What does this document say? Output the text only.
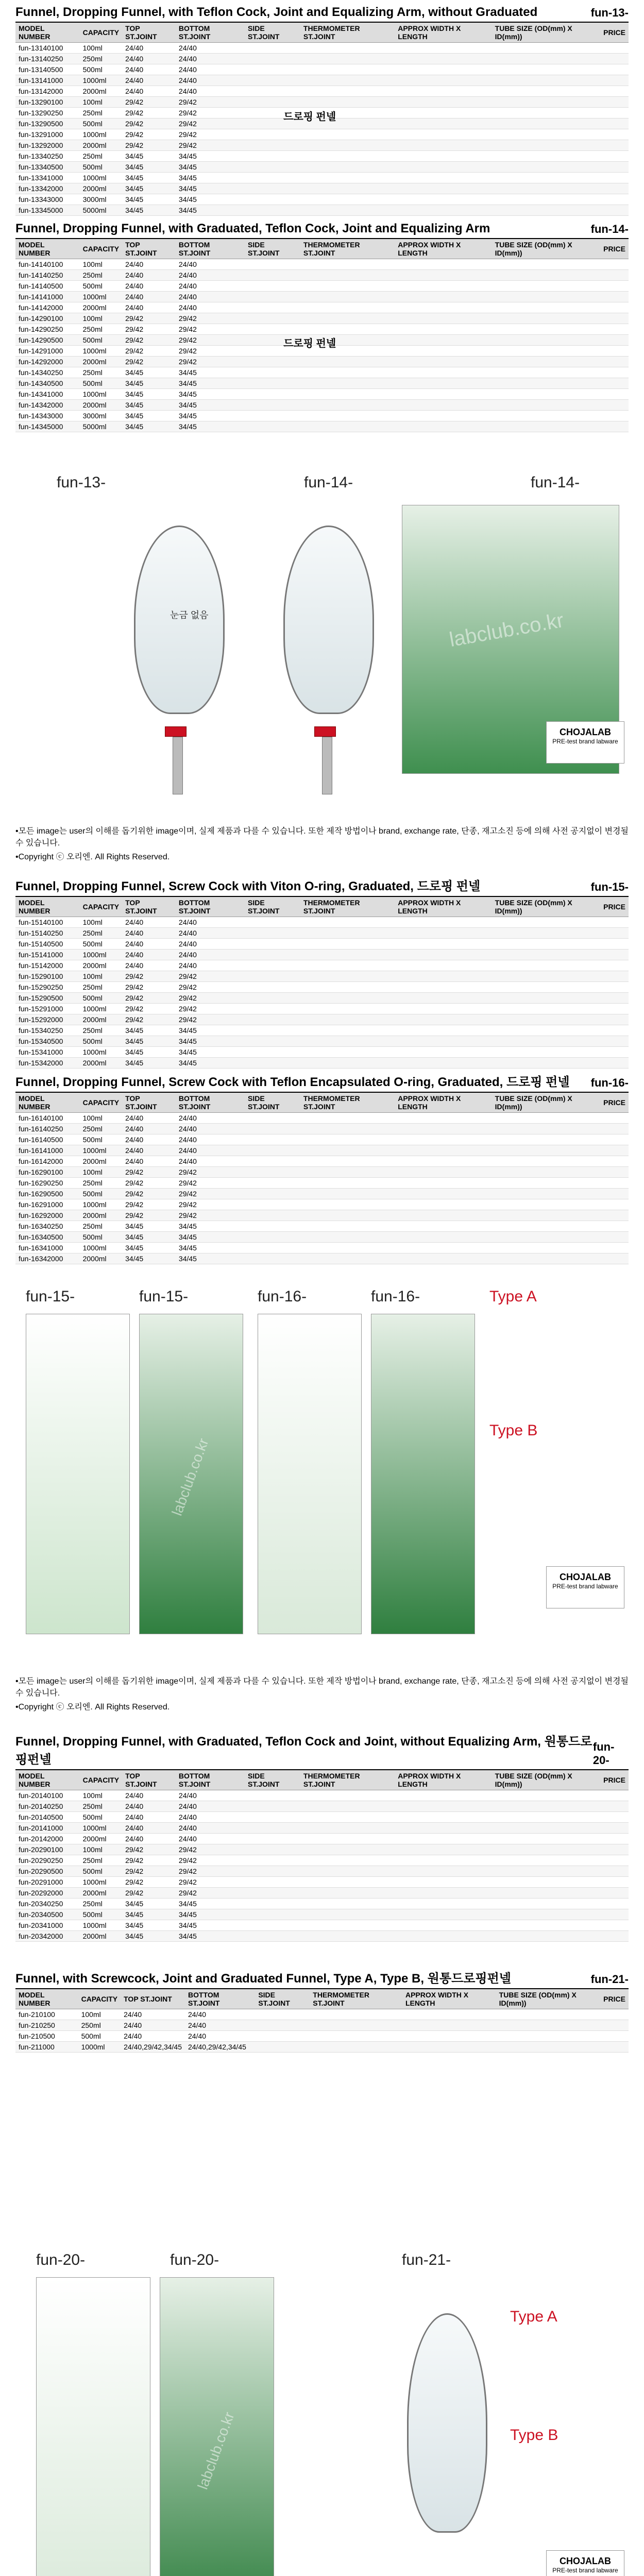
Funnel, Dropping Funnel, with Teflon Cock, Joint and Equalizing Arm, without Graduated	fun-13-
MODEL NUMBER	CAPACITY	TOP ST.JOINT	BOTTOM ST.JOINT	SIDE ST.JOINT	THERMOMETER ST.JOINT	APPROX WIDTH X LENGTH	TUBE SIZE (OD(mm) X ID(mm))	PRICE
fun-13140100	100ml	24/40	24/40					
fun-13140250	250ml	24/40	24/40					
fun-13140500	500ml	24/40	24/40					
fun-13141000	1000ml	24/40	24/40					
fun-13142000	2000ml	24/40	24/40					
fun-13290100	100ml	29/42	29/42					
fun-13290250	250ml	29/42	29/42					
fun-13290500	500ml	29/42	29/42					
fun-13291000	1000ml	29/42	29/42					
fun-13292000	2000ml	29/42	29/42					
fun-13340250	250ml	34/45	34/45					
fun-13340500	500ml	34/45	34/45					
fun-13341000	1000ml	34/45	34/45					
fun-13342000	2000ml	34/45	34/45					
fun-13343000	3000ml	34/45	34/45					
fun-13345000	5000ml	34/45	34/45					
드로핑 펀넬
Funnel, Dropping Funnel, with Graduated, Teflon Cock, Joint and Equalizing Arm	fun-14-
MODEL NUMBER	CAPACITY	TOP ST.JOINT	BOTTOM ST.JOINT	SIDE ST.JOINT	THERMOMETER ST.JOINT	APPROX WIDTH X LENGTH	TUBE SIZE (OD(mm) X ID(mm))	PRICE
fun-14140100	100ml	24/40	24/40					
fun-14140250	250ml	24/40	24/40					
fun-14140500	500ml	24/40	24/40					
fun-14141000	1000ml	24/40	24/40					
fun-14142000	2000ml	24/40	24/40					
fun-14290100	100ml	29/42	29/42					
fun-14290250	250ml	29/42	29/42					
fun-14290500	500ml	29/42	29/42					
fun-14291000	1000ml	29/42	29/42					
fun-14292000	2000ml	29/42	29/42					
fun-14340250	250ml	34/45	34/45					
fun-14340500	500ml	34/45	34/45					
fun-14341000	1000ml	34/45	34/45					
fun-14342000	2000ml	34/45	34/45					
fun-14343000	3000ml	34/45	34/45					
fun-14345000	5000ml	34/45	34/45					
드로핑 펀넬
fun-13-	fun-14-	fun-14-
눈금 없음	labclub.co.kr
CHOJALAB
PRE-test brand labware
•모든 image는 user의 이해를 돕기위한 image이며, 실제 제품과 다를 수 있습니다. 또한 제작 방법이나 brand, exchange rate, 단종, 재고소진 등에 의해 사전 공지없이 변경될 수 있습니다.
•Copyright ⓒ 오리엔. All Rights Reserved.
Funnel, Dropping Funnel, Screw Cock with Viton O-ring, Graduated, 드로핑 펀넬	fun-15-
MODEL NUMBER	CAPACITY	TOP ST.JOINT	BOTTOM ST.JOINT	SIDE ST.JOINT	THERMOMETER ST.JOINT	APPROX WIDTH X LENGTH	TUBE SIZE (OD(mm) X ID(mm))	PRICE
fun-15140100	100ml	24/40	24/40					
fun-15140250	250ml	24/40	24/40					
fun-15140500	500ml	24/40	24/40					
fun-15141000	1000ml	24/40	24/40					
fun-15142000	2000ml	24/40	24/40					
fun-15290100	100ml	29/42	29/42					
fun-15290250	250ml	29/42	29/42					
fun-15290500	500ml	29/42	29/42					
fun-15291000	1000ml	29/42	29/42					
fun-15292000	2000ml	29/42	29/42					
fun-15340250	250ml	34/45	34/45					
fun-15340500	500ml	34/45	34/45					
fun-15341000	1000ml	34/45	34/45					
fun-15342000	2000ml	34/45	34/45					
Funnel, Dropping Funnel, Screw Cock with Teflon Encapsulated O-ring, Graduated, 드로핑 펀넬 fun-16-
MODEL NUMBER	CAPACITY	TOP ST.JOINT	BOTTOM ST.JOINT	SIDE ST.JOINT	THERMOMETER ST.JOINT	APPROX WIDTH X LENGTH	TUBE SIZE (OD(mm) X ID(mm))	PRICE
fun-16140100	100ml	24/40	24/40					
fun-16140250	250ml	24/40	24/40					
fun-16140500	500ml	24/40	24/40					
fun-16141000	1000ml	24/40	24/40					
fun-16142000	2000ml	24/40	24/40					
fun-16290100	100ml	29/42	29/42					
fun-16290250	250ml	29/42	29/42					
fun-16290500	500ml	29/42	29/42					
fun-16291000	1000ml	29/42	29/42					
fun-16292000	2000ml	29/42	29/42					
fun-16340250	250ml	34/45	34/45					
fun-16340500	500ml	34/45	34/45					
fun-16341000	1000ml	34/45	34/45					
fun-16342000	2000ml	34/45	34/45					
fun-15-	fun-15-	fun-16-	fun-16-
labclub.co.kr
Type A
Type B
CHOJALAB
PRE-test brand labware
•모든 image는 user의 이해를 돕기위한 image이며, 실제 제품과 다를 수 있습니다. 또한 제작 방법이나 brand, exchange rate, 단종, 재고소진 등에 의해 사전 공지없이 변경될 수 있습니다.
•Copyright ⓒ 오리엔. All Rights Reserved.
Funnel, Dropping Funnel, with Graduated, Teflon Cock and Joint, without Equalizing Arm, 원통드로핑펀넬
fun-20-
MODEL NUMBER	CAPACITY	TOP ST.JOINT	BOTTOM ST.JOINT	SIDE ST.JOINT	THERMOMETER ST.JOINT	APPROX WIDTH X LENGTH	TUBE SIZE (OD(mm) X ID(mm))	PRICE
fun-20140100	100ml	24/40	24/40					
fun-20140250	250ml	24/40	24/40					
fun-20140500	500ml	24/40	24/40					
fun-20141000	1000ml	24/40	24/40					
fun-20142000	2000ml	24/40	24/40					
fun-20290100	100ml	29/42	29/42					
fun-20290250	250ml	29/42	29/42					
fun-20290500	500ml	29/42	29/42					
fun-20291000	1000ml	29/42	29/42					
fun-20292000	2000ml	29/42	29/42					
fun-20340250	250ml	34/45	34/45					
fun-20340500	500ml	34/45	34/45					
fun-20341000	1000ml	34/45	34/45					
fun-20342000	2000ml	34/45	34/45					
Funnel, with Screwcock, Joint and Graduated Funnel, Type A, Type B, 원통드로핑펀넬	fun-21-
MODEL NUMBER	CAPACITY	TOP ST.JOINT	BOTTOM ST.JOINT	SIDE ST.JOINT	THERMOMETER ST.JOINT	APPROX WIDTH X LENGTH	TUBE SIZE (OD(mm) X ID(mm))	PRICE
fun-210100	100ml	24/40	24/40					
fun-210250	250ml	24/40	24/40					
fun-210500	500ml	24/40	24/40					
fun-211000	1000ml	24/40,29/42,34/45	24/40,29/42,34/45					
fun-20-	fun-20-	fun-21-
labclub.co.kr
Type A
Type B
CHOJALAB
PRE-test brand labware
